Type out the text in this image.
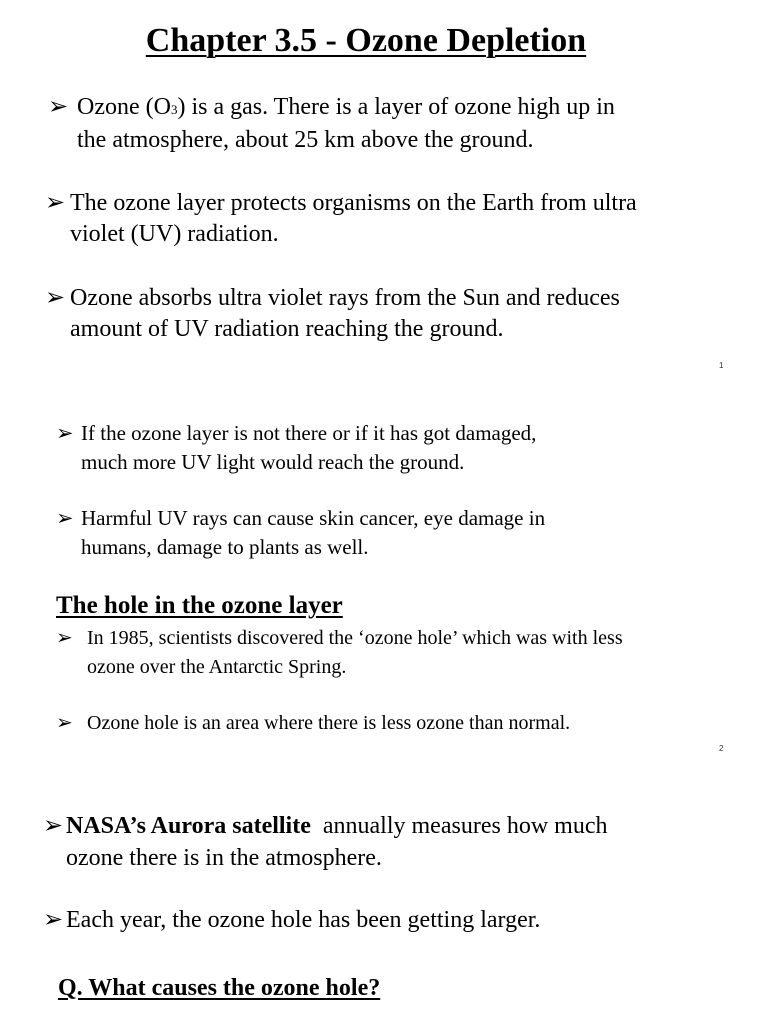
Chapter 3.5 - Ozone Depletion
➢ Ozone (O3) is a gas. There is a layer of ozone high up in
the atmosphere, about 25 km above the ground.
➢ The ozone layer protects organisms on the Earth from ultra
violet (UV) radiation.
➢ Ozone absorbs ultra violet rays from the Sun and reduces
amount of UV radiation reaching the ground.
1
➢ If the ozone layer is not there or if it has got damaged,
much more UV light would reach the ground.
➢ Harmful UV rays can cause skin cancer, eye damage in
humans, damage to plants as well.
The hole in the ozone layer
➢ In 1985, scientists discovered the ‘ozone hole’ which was with less
ozone over the Antarctic Spring.
➢ Ozone hole is an area where there is less ozone than normal.
2
➢ NASA’s Aurora satellite  annually measures how much
ozone there is in the atmosphere.
➢ Each year, the ozone hole has been getting larger.
Q. What causes the ozone hole?
